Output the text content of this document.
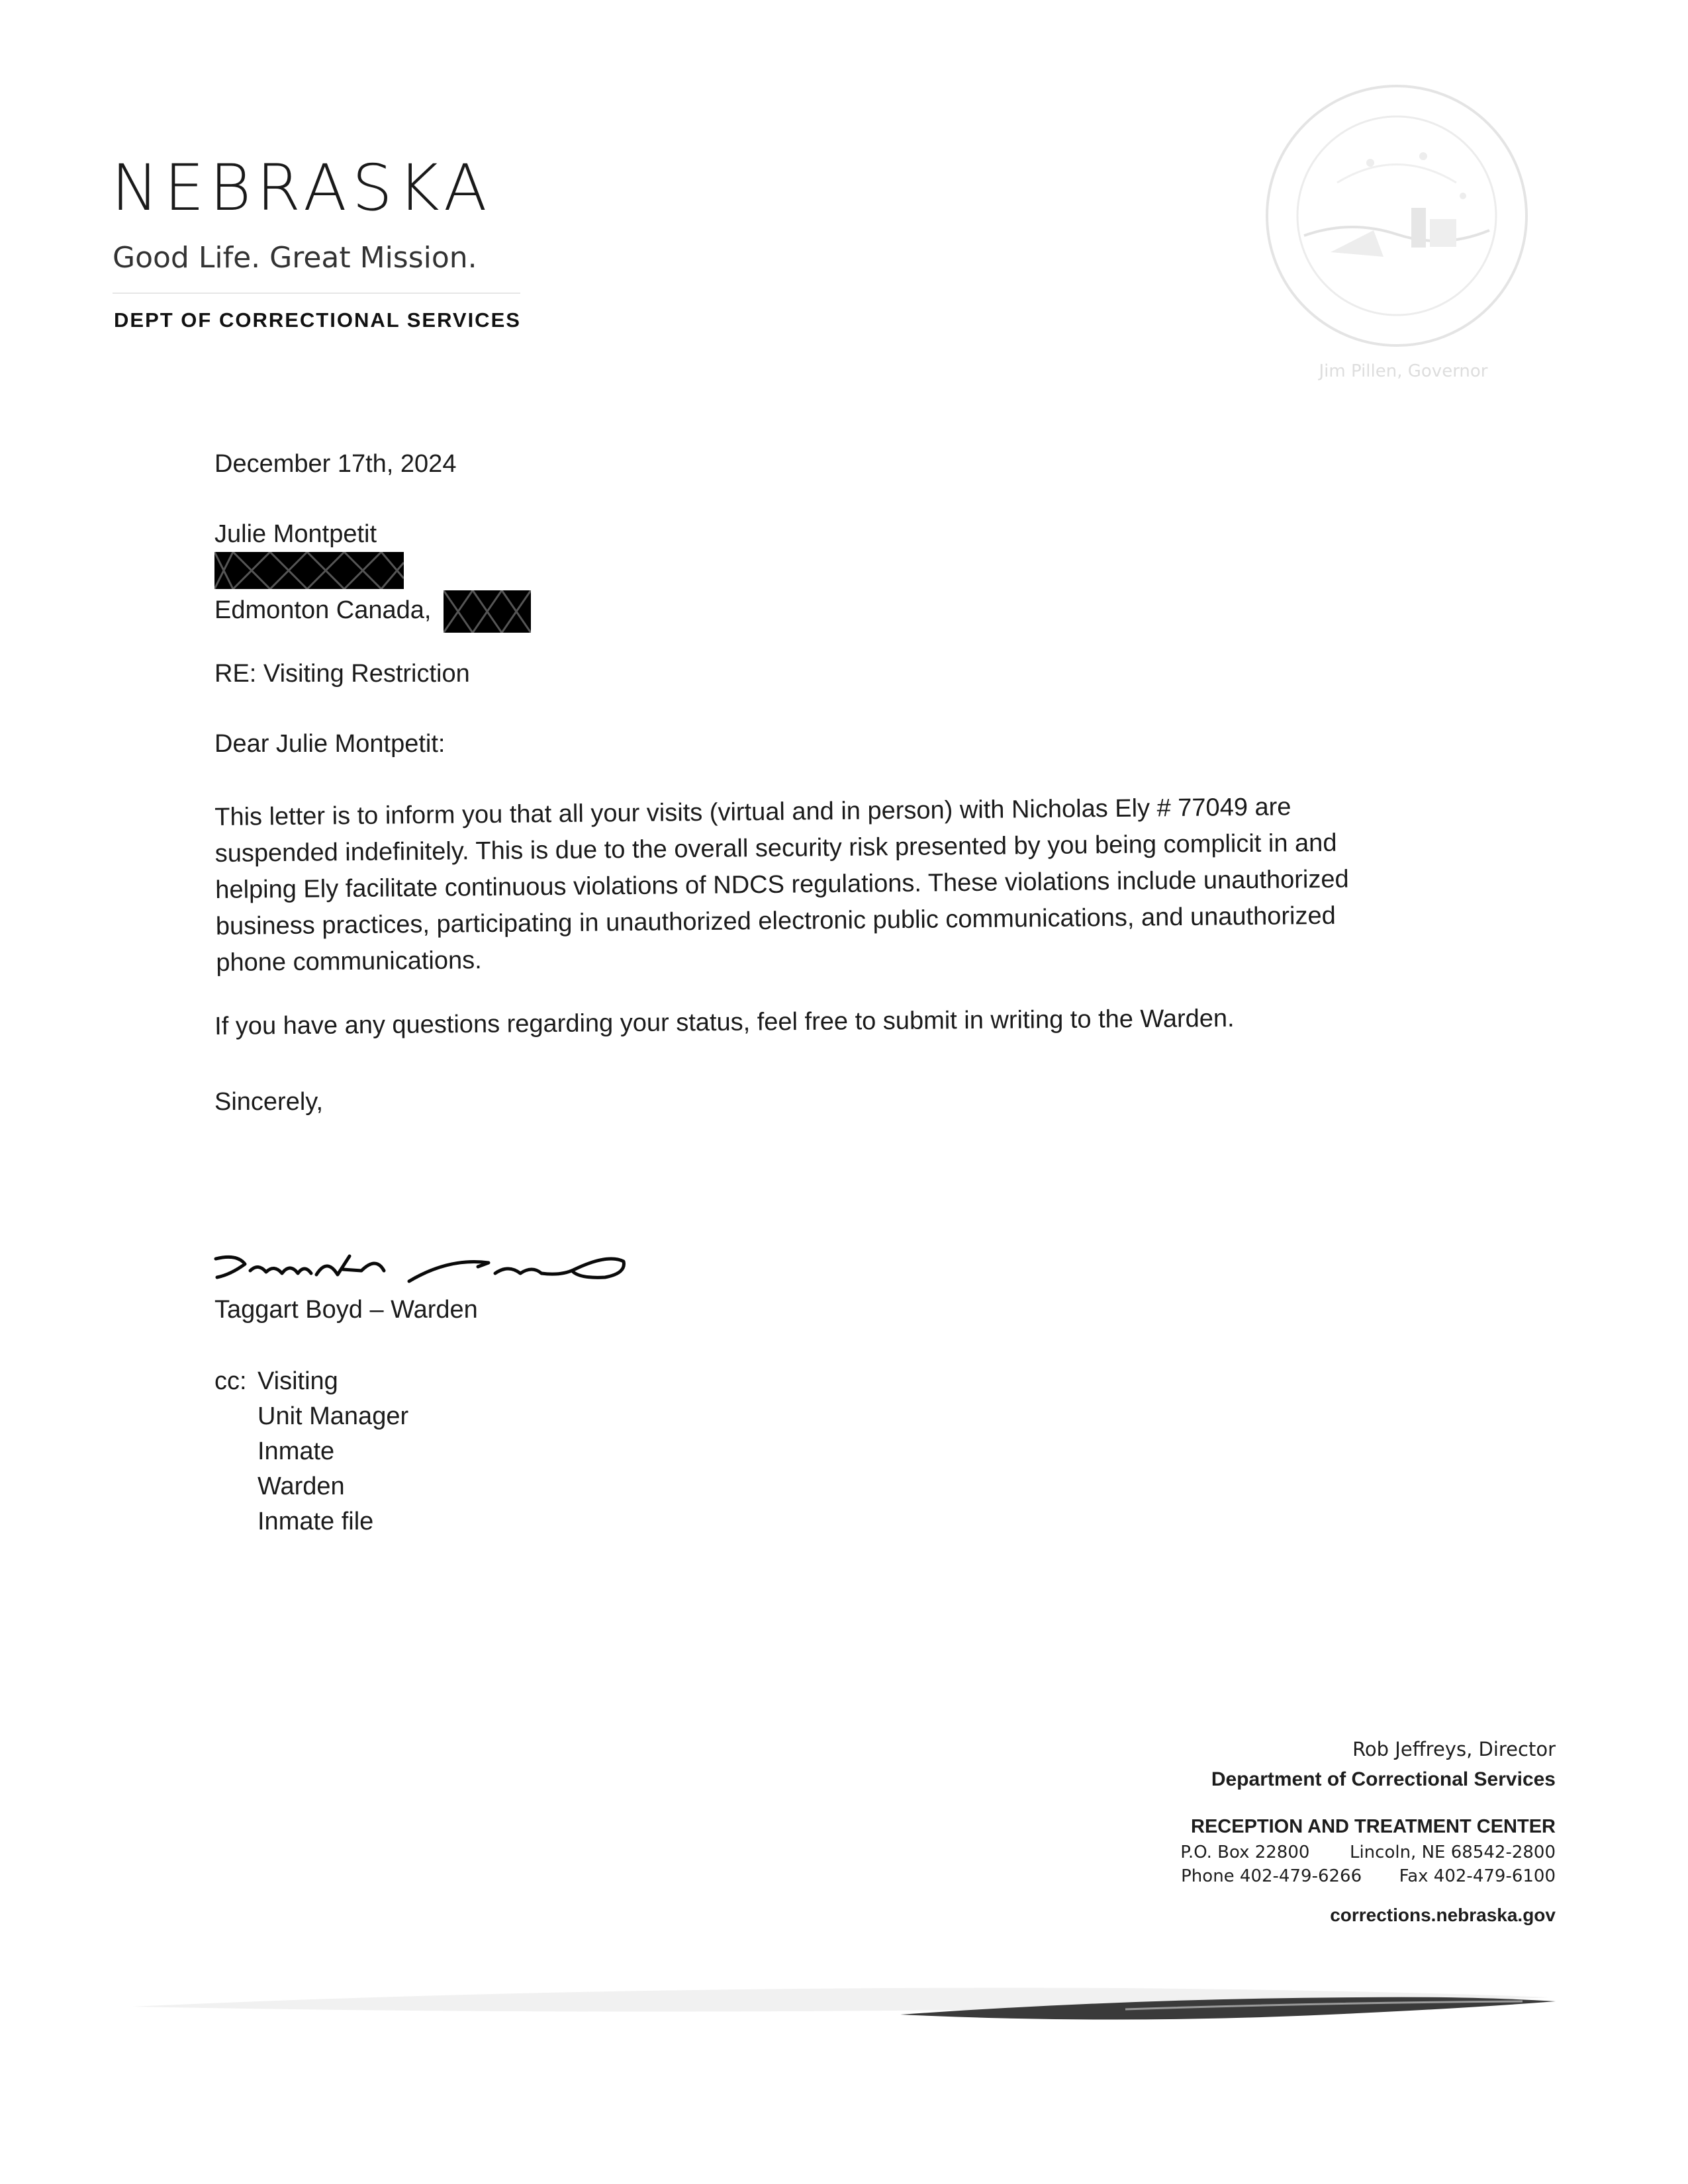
NEBRASKA
Good Life. Great Mission.
DEPT OF CORRECTIONAL SERVICES
Jim Pillen, Governor
December 17th, 2024
Julie Montpetit
Edmonton Canada,
RE: Visiting Restriction
Dear Julie Montpetit:
This letter is to inform you that all your visits (virtual and in person) with Nicholas Ely # 77049 are
suspended indefinitely. This is due to the overall security risk presented by you being complicit in and
helping Ely facilitate continuous violations of NDCS regulations. These violations include unauthorized
business practices, participating in unauthorized electronic public communications, and unauthorized
phone communications.
If you have any questions regarding your status, feel free to submit in writing to the Warden.
Sincerely,
Taggart Boyd – Warden
cc: Visiting
Unit Manager
Inmate
Warden
Inmate file
Rob Jeffreys, Director
Department of Correctional Services
RECEPTION AND TREATMENT CENTER
P.O. Box 22800 Lincoln, NE 68542-2800
Phone 402-479-6266 Fax 402-479-6100
corrections.nebraska.gov
